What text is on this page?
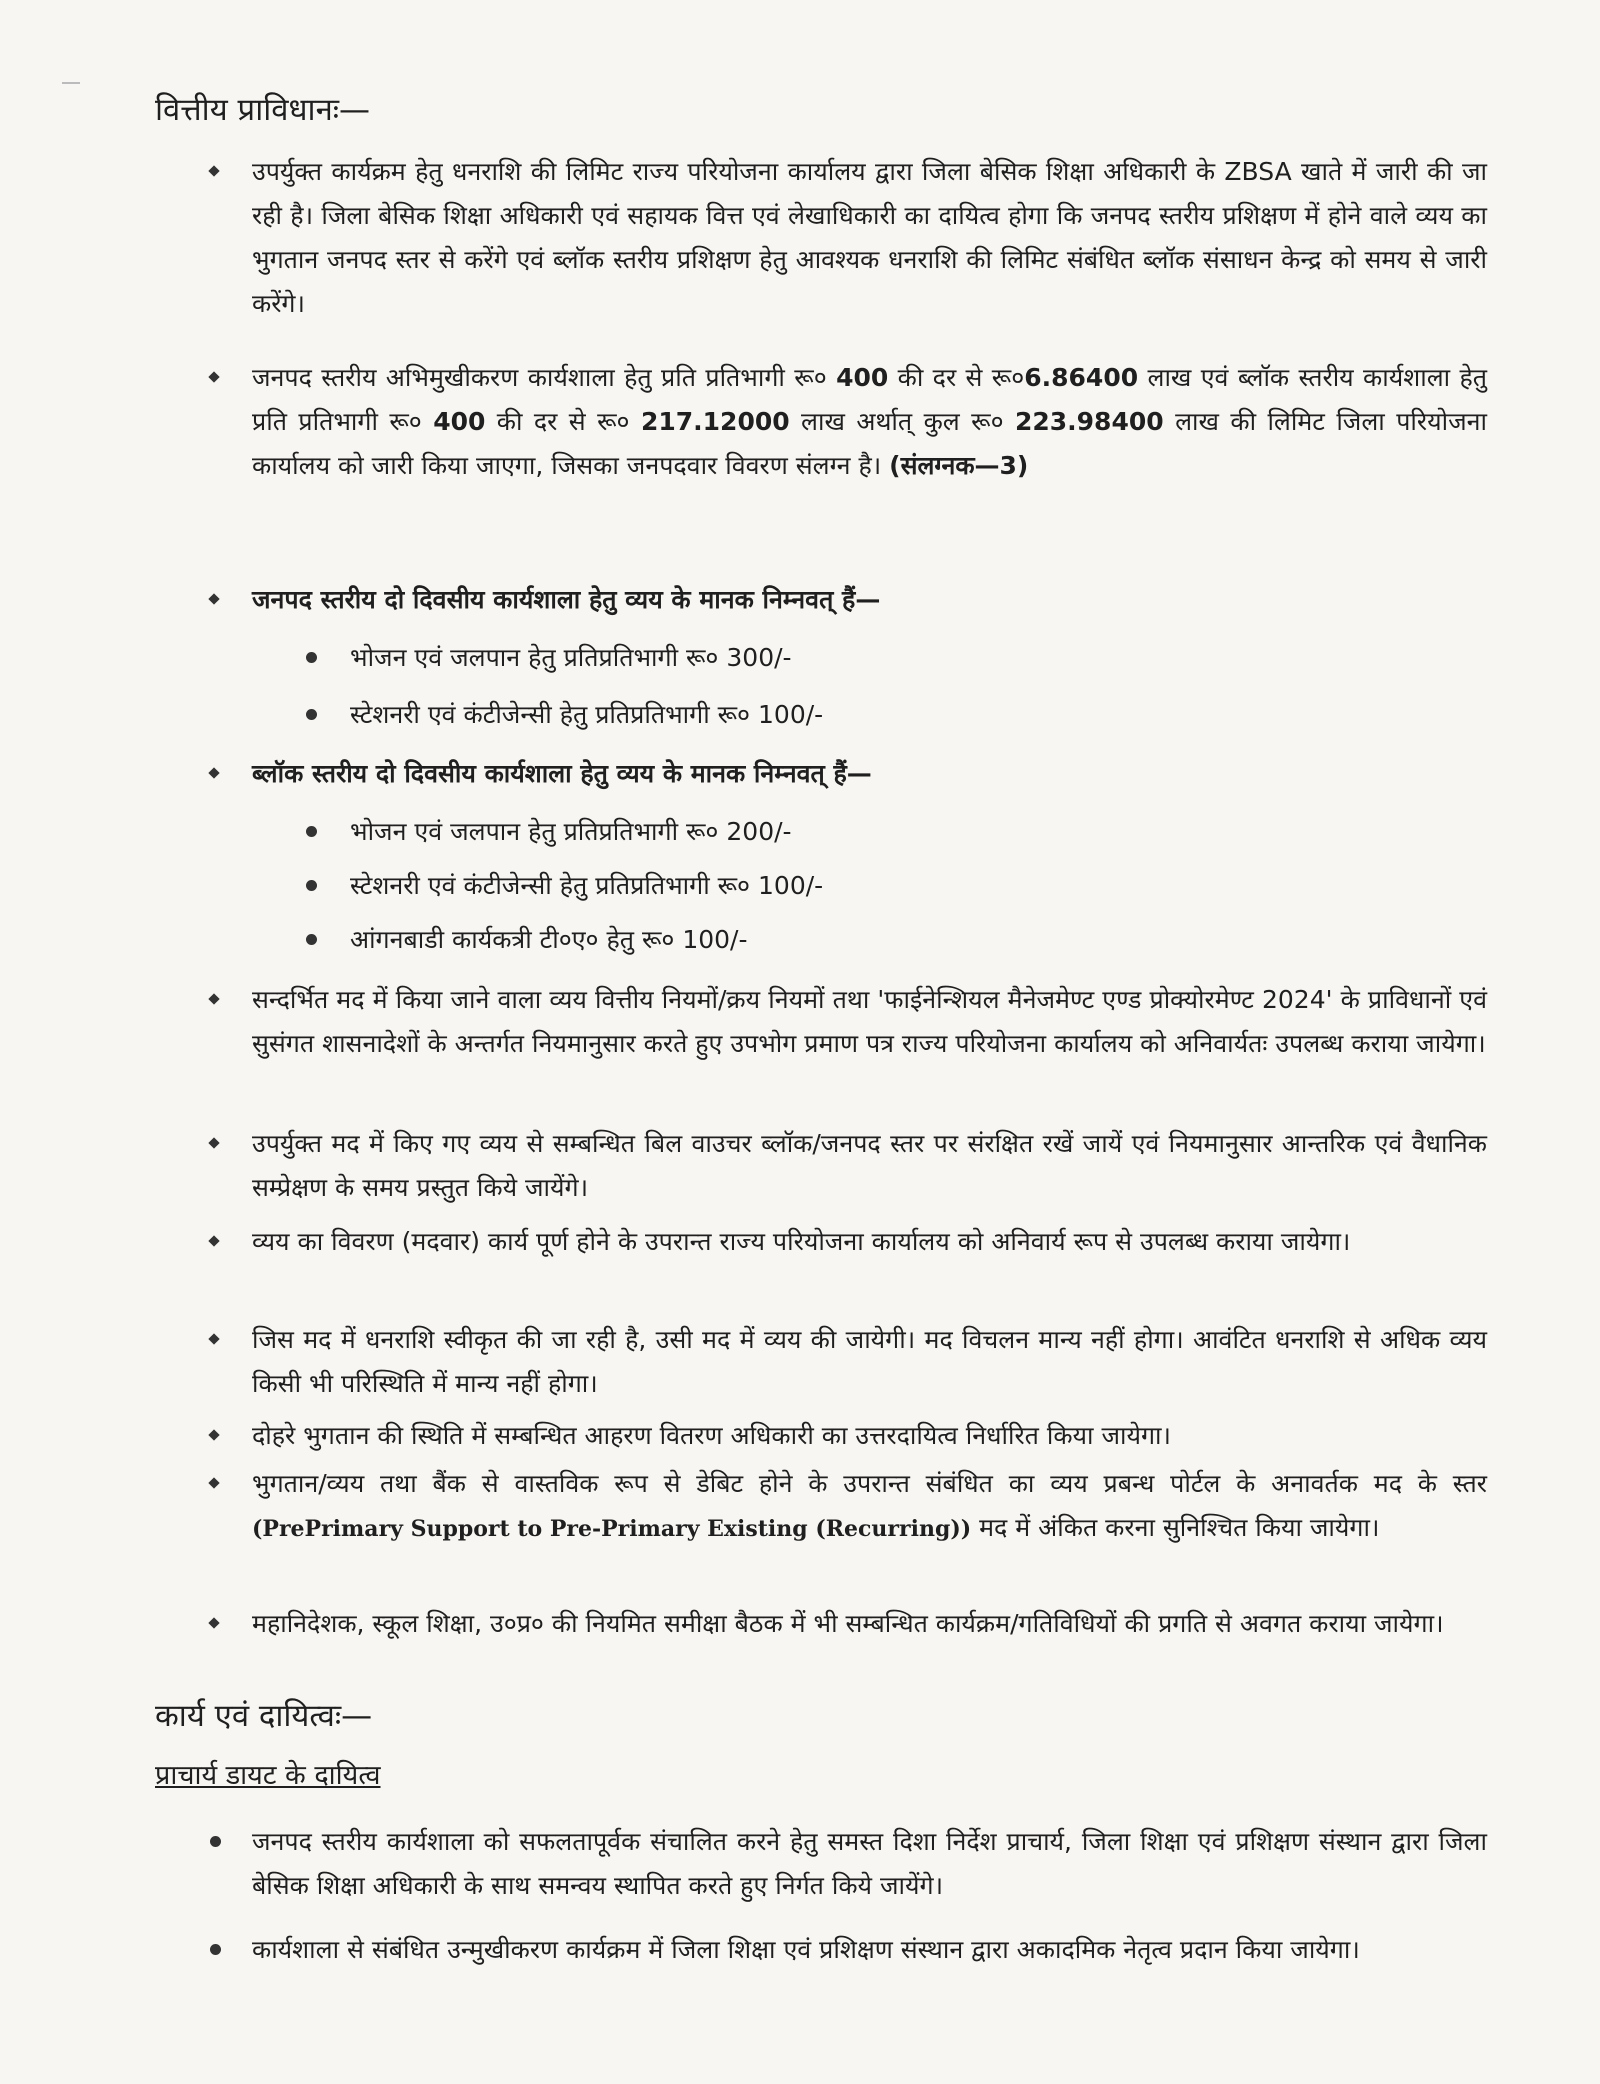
वित्तीय प्राविधानः—

उपर्युक्त कार्यक्रम हेतु धनराशि की लिमिट राज्य परियोजना कार्यालय द्वारा जिला बेसिक शिक्षा अधिकारी के ZBSA खाते में जारी की जा रही है। जिला बेसिक शिक्षा अधिकारी एवं सहायक वित्त एवं लेखाधिकारी का दायित्व होगा कि जनपद स्तरीय प्रशिक्षण में होने वाले व्यय का भुगतान जनपद स्तर से करेंगे एवं ब्लॉक स्तरीय प्रशिक्षण हेतु आवश्यक धनराशि की लिमिट संबंधित ब्लॉक संसाधन केन्द्र को समय से जारी करेंगे।

जनपद स्तरीय अभिमुखीकरण कार्यशाला हेतु प्रति प्रतिभागी रू० 400 की दर से रू०6.86400 लाख एवं ब्लॉक स्तरीय कार्यशाला हेतु प्रति प्रतिभागी रू० 400 की दर से रू० 217.12000 लाख अर्थात् कुल रू० 223.98400 लाख की लिमिट जिला परियोजना कार्यालय को जारी किया जाएगा, जिसका जनपदवार विवरण संलग्न है। (संलग्नक—3)

जनपद स्तरीय दो दिवसीय कार्यशाला हेतु व्यय के मानक निम्नवत् हैं—

भोजन एवं जलपान हेतु प्रतिप्रतिभागी रू० 300/-

स्टेशनरी एवं कंटीजेन्सी हेतु प्रतिप्रतिभागी रू० 100/-

ब्लॉक स्तरीय दो दिवसीय कार्यशाला हेतु व्यय के मानक निम्नवत् हैं—

भोजन एवं जलपान हेतु प्रतिप्रतिभागी रू० 200/-

स्टेशनरी एवं कंटीजेन्सी हेतु प्रतिप्रतिभागी रू० 100/-

आंगनबाडी कार्यकत्री टी०ए० हेतु रू० 100/-

सन्दर्भित मद में किया जाने वाला व्यय वित्तीय नियमों/क्रय नियमों तथा 'फाईनेन्शियल मैनेजमेण्ट एण्ड प्रोक्योरमेण्ट 2024' के प्राविधानों एवं सुसंगत शासनादेशों के अन्तर्गत नियमानुसार करते हुए उपभोग प्रमाण पत्र राज्य परियोजना कार्यालय को अनिवार्यतः उपलब्ध कराया जायेगा।

उपर्युक्त मद में किए गए व्यय से सम्बन्धित बिल वाउचर ब्लॉक/जनपद स्तर पर संरक्षित रखें जायें एवं नियमानुसार आन्तरिक एवं वैधानिक सम्प्रेक्षण के समय प्रस्तुत किये जायेंगे।

व्यय का विवरण (मदवार) कार्य पूर्ण होने के उपरान्त राज्य परियोजना कार्यालय को अनिवार्य रूप से उपलब्ध कराया जायेगा।

जिस मद में धनराशि स्वीकृत की जा रही है, उसी मद में व्यय की जायेगी। मद विचलन मान्य नहीं होगा। आवंटित धनराशि से अधिक व्यय किसी भी परिस्थिति में मान्य नहीं होगा।

दोहरे भुगतान की स्थिति में सम्बन्धित आहरण वितरण अधिकारी का उत्तरदायित्व निर्धारित किया जायेगा।

भुगतान/व्यय तथा बैंक से वास्तविक रूप से डेबिट होने के उपरान्त संबंधित का व्यय प्रबन्ध पोर्टल के अनावर्तक मद के स्तर (PrePrimary Support to Pre-Primary Existing (Recurring)) मद में अंकित करना सुनिश्चित किया जायेगा।

महानिदेशक, स्कूल शिक्षा, उ०प्र० की नियमित समीक्षा बैठक में भी सम्बन्धित कार्यक्रम/गतिविधियों की प्रगति से अवगत कराया जायेगा।

कार्य एवं दायित्वः—
प्राचार्य डायट के दायित्व

जनपद स्तरीय कार्यशाला को सफलतापूर्वक संचालित करने हेतु समस्त दिशा निर्देश प्राचार्य, जिला शिक्षा एवं प्रशिक्षण संस्थान द्वारा जिला बेसिक शिक्षा अधिकारी के साथ समन्वय स्थापित करते हुए निर्गत किये जायेंगे।

कार्यशाला से संबंधित उन्मुखीकरण कार्यक्रम में जिला शिक्षा एवं प्रशिक्षण संस्थान द्वारा अकादमिक नेतृत्व प्रदान किया जायेगा।
